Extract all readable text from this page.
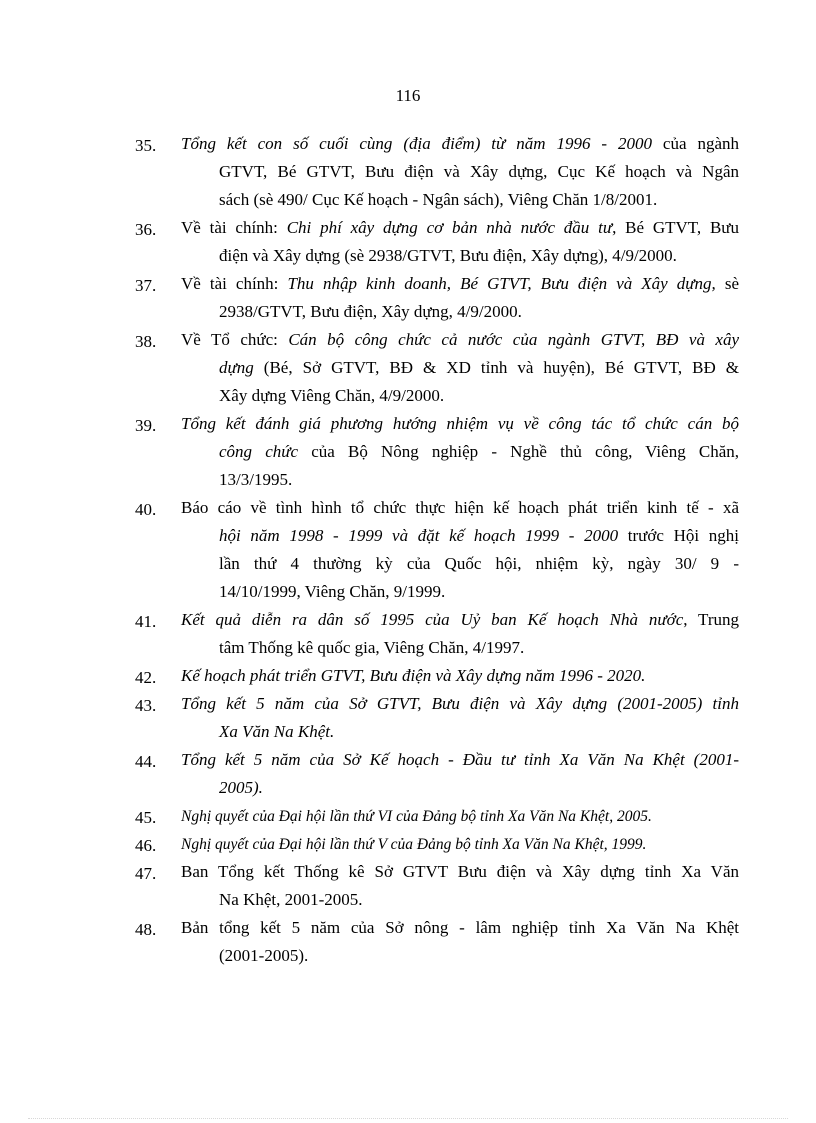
116
35.	Tổng kết con số cuối cùng (địa điểm) từ năm 1996 - 2000 của ngành
GTVT, Bé GTVT, Bưu điện và Xây dựng, Cục Kế hoạch và Ngân
sách (sè 490/ Cục Kế hoạch - Ngân sách), Viêng Chăn 1/8/2001.
36.	Về tài chính: Chi phí xây dựng cơ bản nhà nước đầu tư, Bé GTVT, Bưu
điện và Xây dựng (sè 2938/GTVT, Bưu điện, Xây dựng), 4/9/2000.
37.	Về tài chính: Thu nhập kinh doanh, Bé GTVT, Bưu điện và Xây dựng, sè
2938/GTVT, Bưu điện, Xây dựng, 4/9/2000.
38.	Về Tổ chức: Cán bộ công chức cả nước của ngành GTVT, BĐ và xây
dựng (Bé, Sở GTVT, BĐ & XD tỉnh và huyện), Bé GTVT, BĐ &
Xây dựng Viêng Chăn, 4/9/2000.
39.	Tổng kết đánh giá phương hướng nhiệm vụ về công tác tổ chức cán bộ
công chức của Bộ Nông nghiệp - Nghề thủ công, Viêng Chăn,
13/3/1995.
40.	Báo cáo về tình hình tổ chức thực hiện kế hoạch phát triển kinh tế - xã
hội năm 1998 - 1999 và đặt kế hoạch 1999 - 2000 trước Hội nghị
lần thứ 4 thường kỳ của Quốc hội, nhiệm kỳ, ngày 30/ 9 -
14/10/1999, Viêng Chăn, 9/1999.
41.	Kết quả diễn ra dân số 1995 của Uỷ ban Kế hoạch Nhà nước, Trung
tâm Thống kê quốc gia, Viêng Chăn, 4/1997.
42.	Kế hoạch phát triển GTVT, Bưu điện và Xây dựng năm 1996 - 2020.
43.	Tổng kết 5 năm của Sở GTVT, Bưu điện và Xây dựng (2001-2005) tỉnh
Xa Văn Na Khệt.
44.	Tổng kết 5 năm của Sở Kế hoạch - Đầu tư tỉnh Xa Văn Na Khệt (2001-
2005).
45.	Nghị quyết của Đại hội lần thứ VI của Đảng bộ tỉnh Xa Văn Na Khệt, 2005.
46.	Nghị quyết của Đại hội lần thứ V của Đảng bộ tỉnh Xa Văn Na Khệt, 1999.
47.	Ban Tổng kết Thống kê Sở GTVT Bưu điện và Xây dựng tỉnh Xa Văn
Na Khệt, 2001-2005.
48.	Bản tổng kết 5 năm của Sở nông - lâm nghiệp tỉnh Xa Văn Na Khệt
(2001-2005).
